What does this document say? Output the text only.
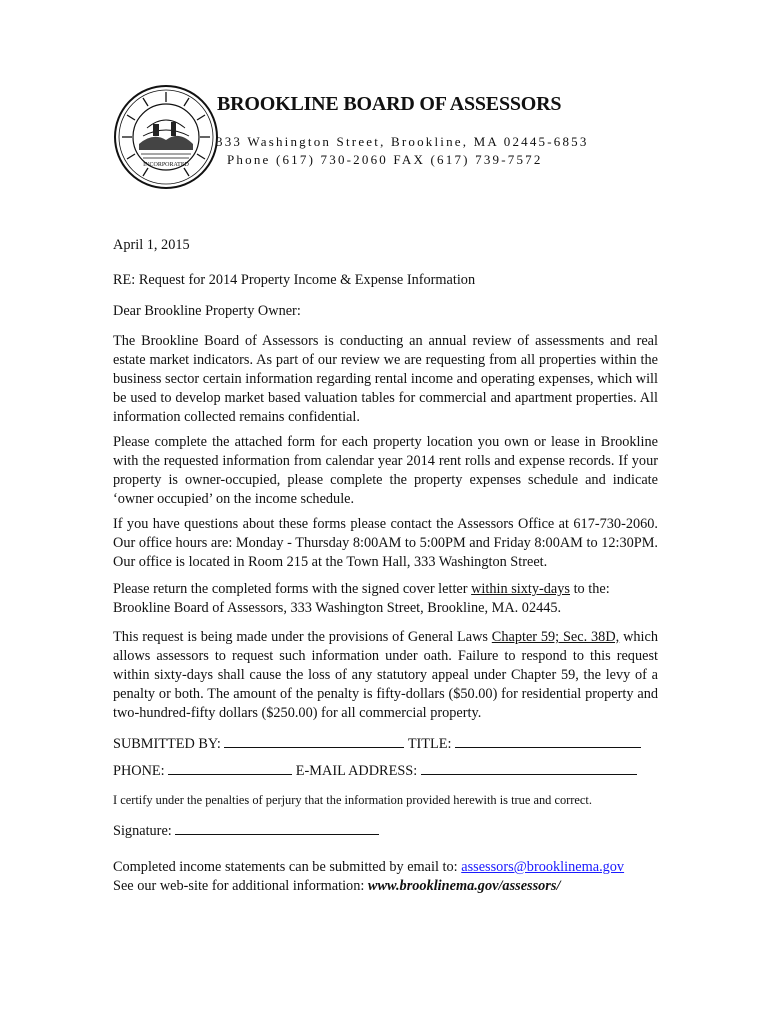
INCORPORATED
BROOKLINE BOARD OF ASSESSORS
333 Washington Street, Brookline, MA 02445-6853
Phone (617) 730-2060 FAX (617) 739-7572
April 1, 2015
RE: Request for 2014 Property Income & Expense Information
Dear Brookline Property Owner:
The Brookline Board of Assessors is conducting an annual review of assessments and real estate market indicators. As part of our review we are requesting from all properties within the business sector certain information regarding rental income and operating expenses, which will be used to develop market based valuation tables for commercial and apartment properties. All information collected remains confidential.
Please complete the attached form for each property location you own or lease in Brookline with the requested information from calendar year 2014 rent rolls and expense records. If your property is owner-occupied, please complete the property expenses schedule and indicate ‘owner occupied’ on the income schedule.
If you have questions about these forms please contact the Assessors Office at 617-730-2060. Our office hours are: Monday - Thursday 8:00AM to 5:00PM and Friday 8:00AM to 12:30PM. Our office is located in Room 215 at the Town Hall, 333 Washington Street.
Please return the completed forms with the signed cover letter within sixty-days to the: Brookline Board of Assessors, 333 Washington Street, Brookline, MA. 02445.
This request is being made under the provisions of General Laws Chapter 59; Sec. 38D, which allows assessors to request such information under oath. Failure to respond to this request within sixty-days shall cause the loss of any statutory appeal under Chapter 59, the levy of a penalty or both. The amount of the penalty is fifty-dollars ($50.00) for residential property and two-hundred-fifty dollars ($250.00) for all commercial property.
SUBMITTED BY:	TITLE:
PHONE:	E-MAIL ADDRESS:
I certify under the penalties of perjury that the information provided herewith is true and correct.
Signature:
Completed income statements can be submitted by email to: assessors@brooklinema.gov
See our web-site for additional information: www.brooklinema.gov/assessors/
